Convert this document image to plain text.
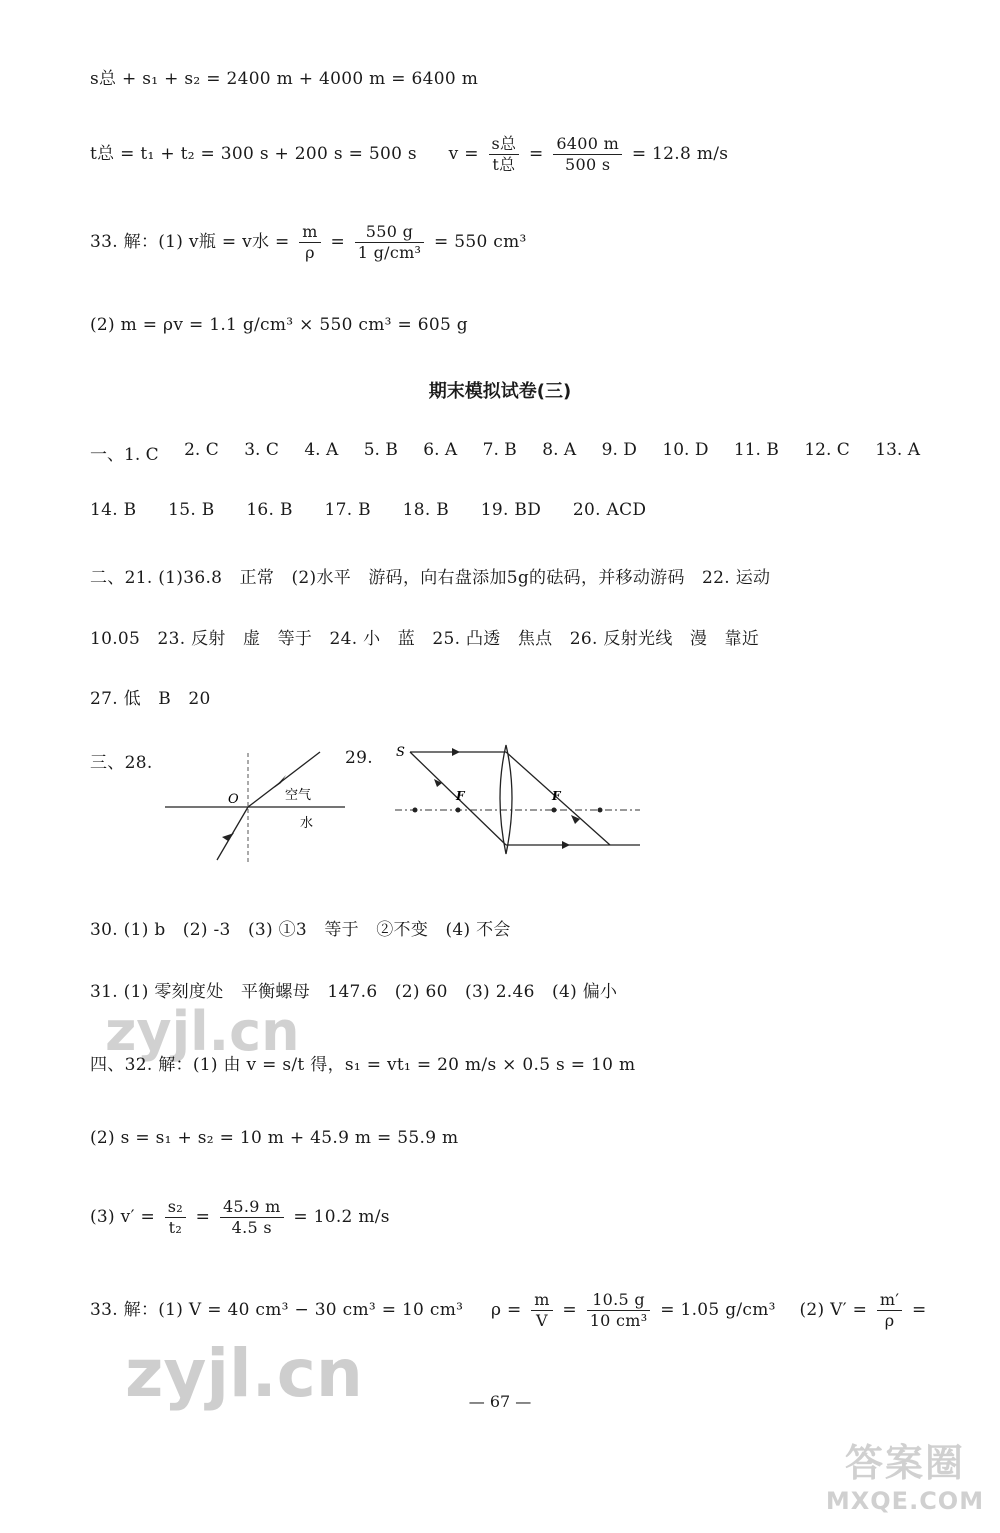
s总 + s₁ + s₂ = 2400 m + 4000 m = 6400 m
t总 = t₁ + t₂ = 300 s + 200 s = 500 s $v = \frac{\text{s总}}{\text{t总}} = \frac{6400 m}{500 s} = 12.8$ m/s
33. 解：(1) v瓶 = v水 = $\frac{m}{\rho} = \frac{550 g}{\text{1 g/cm³}} = 550$ cm³
(2) m = ρv = 1.1 g/cm³ × 550 cm³ = 605 g
期末模拟试卷(三)
一、1. C 2. C 3. C 4. A 5. B 6. A 7. B 8. A 9. D 10. D 11. B 12. C 13. A
14. B 15. B 16. B 17. B 18. B 19. BD 20. ACD
二、21. (1)36.8　正常　(2)水平　游码，向右盘添加5g的砝码，并移动游码　22. 运动
10.05　23. 反射　虚　等于　24. 小　蓝　25. 凸透　焦点　26. 反射光线　漫　靠近
27. 低　B　20
三、28.
O	空气
水
29. S
F	F
30. (1) b　(2) -3　(3) ①3　等于　②不变　(4) 不会
31. (1) 零刻度处　平衡螺母　147.6　(2) 60　(3) 2.46　(4) 偏小
zyjl.cn
四、32. 解：(1) 由 v = s/t 得，s₁ = vt₁ = 20 m/s × 0.5 s = 10 m
(2) s = s₁ + s₂ = 10 m + 45.9 m = 55.9 m
(3) $v' = \frac{\text{s₂}}{\text{t₂}} = \frac{45.9 m}{4.5 s} = 10.2$ m/s
33. 解：(1) V = 40 cm³ − 30 cm³ = 10 cm³ $\rho = \frac{m}{V} = \frac{10.5 g}{\text{10 cm³}} = 1.05$ g/cm³ (2) $V' = \frac{m'}{\rho}$ =
zyjl.cn	— 67 —
答案圈
MXQE.COM
